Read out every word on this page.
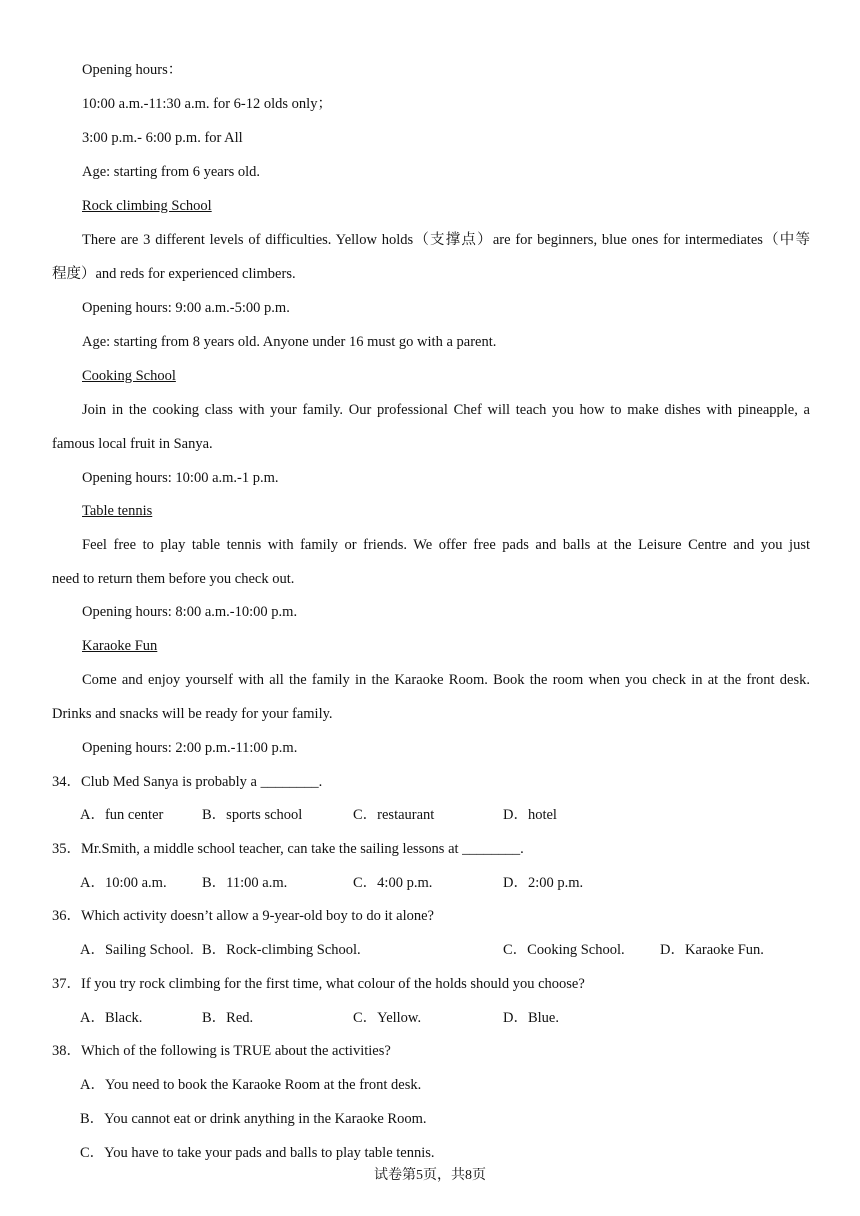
Opening hours：
10:00 a.m.-11:30 a.m. for 6-12 olds only；
3:00 p.m.- 6:00 p.m. for All
Age: starting from 6 years old.
Rock climbing School
There are 3 different levels of difficulties. Yellow holds（支撑点）are for beginners, blue ones for intermediates（中等
程度）and reds for experienced climbers.
Opening hours: 9:00 a.m.-5:00 p.m.
Age: starting from 8 years old. Anyone under 16 must go with a parent.
Cooking School
Join in the cooking class with your family. Our professional Chef will teach you how to make dishes with pineapple, a
famous local fruit in Sanya.
Opening hours: 10:00 a.m.-1 p.m.
Table tennis
Feel free to play table tennis with family or friends. We offer free pads and balls at the Leisure Centre and you just
need to return them before you check out.
Opening hours: 8:00 a.m.-10:00 p.m.
Karaoke Fun
Come and enjoy yourself with all the family in the Karaoke Room. Book the room when you check in at the front desk.
Drinks and snacks will be ready for your family.
Opening hours: 2:00 p.m.-11:00 p.m.
34．Club Med Sanya is probably a ________.
A．fun center	B．sports school	C．restaurant	D．hotel
35．Mr.Smith, a middle school teacher, can take the sailing lessons at ________.
A．10:00 a.m. B．11:00 a.m.	C．4:00 p.m.	D．2:00 p.m.
36．Which activity doesn’t allow a 9-year-old boy to do it alone?
A．Sailing School. B．Rock-climbing School.	C．Cooking School. D．Karaoke Fun.
37．If you try rock climbing for the first time, what colour of the holds should you choose?
A．Black.	B．Red.	C．Yellow.	D．Blue.
38．Which of the following is TRUE about the activities?
A．You need to book the Karaoke Room at the front desk.
B．You cannot eat or drink anything in the Karaoke Room.
C．You have to take your pads and balls to play table tennis.
试卷第5页，共8页
